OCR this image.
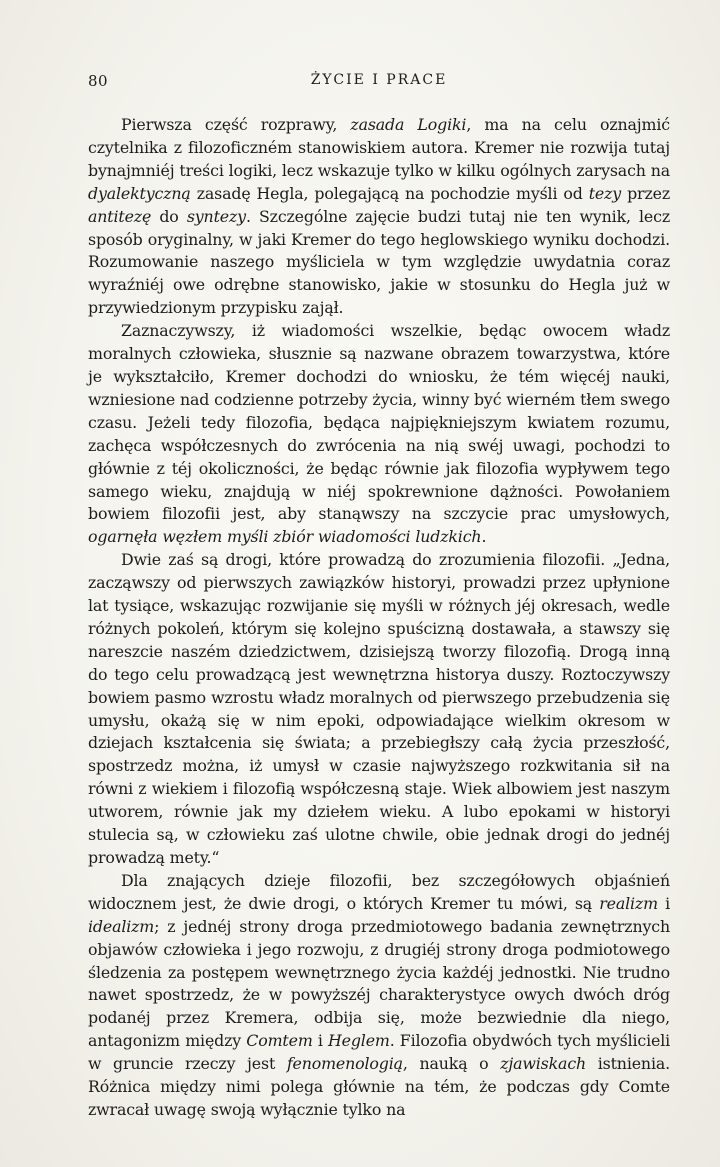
80	ŻYCIE I PRACE

Pierwsza część rozprawy, zasada Logiki, ma na celu oznajmić czytelnika z filozoficzném stanowiskiem autora. Kremer nie rozwija tutaj bynajmniéj treści logiki, lecz wskazuje tylko w kilku ogólnych zarysach na dyalektyczną zasadę Hegla, polegającą na pochodzie myśli od tezy przez antitezę do syntezy. Szczególne zajęcie budzi tutaj nie ten wynik, lecz sposób oryginalny, w jaki Kremer do tego heglowskiego wyniku dochodzi. Rozumowanie naszego myśliciela w tym względzie uwydatnia coraz wyraźniéj owe odrębne stanowisko, jakie w stosunku do Hegla już w przywiedzionym przypisku zajął.

Zaznaczywszy, iż wiadomości wszelkie, będąc owocem władz moralnych człowieka, słusznie są nazwane obrazem towarzystwa, które je wykształciło, Kremer dochodzi do wniosku, że tém więcéj nauki, wzniesione nad codzienne potrzeby życia, winny być wierném tłem swego czasu. Jeżeli tedy filozofia, będąca najpiękniejszym kwiatem rozumu, zachęca współczesnych do zwrócenia na nią swéj uwagi, pochodzi to głównie z téj okoliczności, że będąc równie jak filozofia wypływem tego samego wieku, znajdują w niéj spokrewnione dążności. Powołaniem bowiem filozofii jest, aby stanąwszy na szczycie prac umysłowych, ogarnęła węzłem myśli zbiór wiadomości ludzkich.

Dwie zaś są drogi, które prowadzą do zrozumienia filozofii. „Jedna, zacząwszy od pierwszych zawiązków historyi, prowadzi przez upłynione lat tysiące, wskazując rozwijanie się myśli w różnych jéj okresach, wedle różnych pokoleń, którym się kolejno spuścizną dostawała, a stawszy się nareszcie naszém dziedzictwem, dzisiejszą tworzy filozofią. Drogą inną do tego celu prowadzącą jest wewnętrzna historya duszy. Roztoczywszy bowiem pasmo wzrostu władz moralnych od pierwszego przebudzenia się umysłu, okażą się w nim epoki, odpowiadające wielkim okresom w dziejach kształcenia się świata; a przebiegłszy całą życia przeszłość, spostrzedz można, iż umysł w czasie najwyższego rozkwitania sił na równi z wiekiem i filozofią współczesną staje. Wiek albowiem jest naszym utworem, równie jak my dziełem wieku. A lubo epokami w historyi stulecia są, w człowieku zaś ulotne chwile, obie jednak drogi do jednéj prowadzą mety.“

Dla znających dzieje filozofii, bez szczegółowych objaśnień widocznem jest, że dwie drogi, o których Kremer tu mówi, są realizm i idealizm; z jednéj strony droga przedmiotowego badania zewnętrznych objawów człowieka i jego rozwoju, z drugiéj strony droga podmiotowego śledzenia za postępem wewnętrznego życia każdéj jednostki. Nie trudno nawet spostrzedz, że w powyższéj charakterystyce owych dwóch dróg podanéj przez Kremera, odbija się, może bezwiednie dla niego, antagonizm między Comtem i Heglem. Filozofia obydwóch tych myślicieli w gruncie rzeczy jest fenomenologią, nauką o zjawiskach istnienia. Różnica między nimi polega głównie na tém, że podczas gdy Comte zwracał uwagę swoją wyłącznie tylko na
